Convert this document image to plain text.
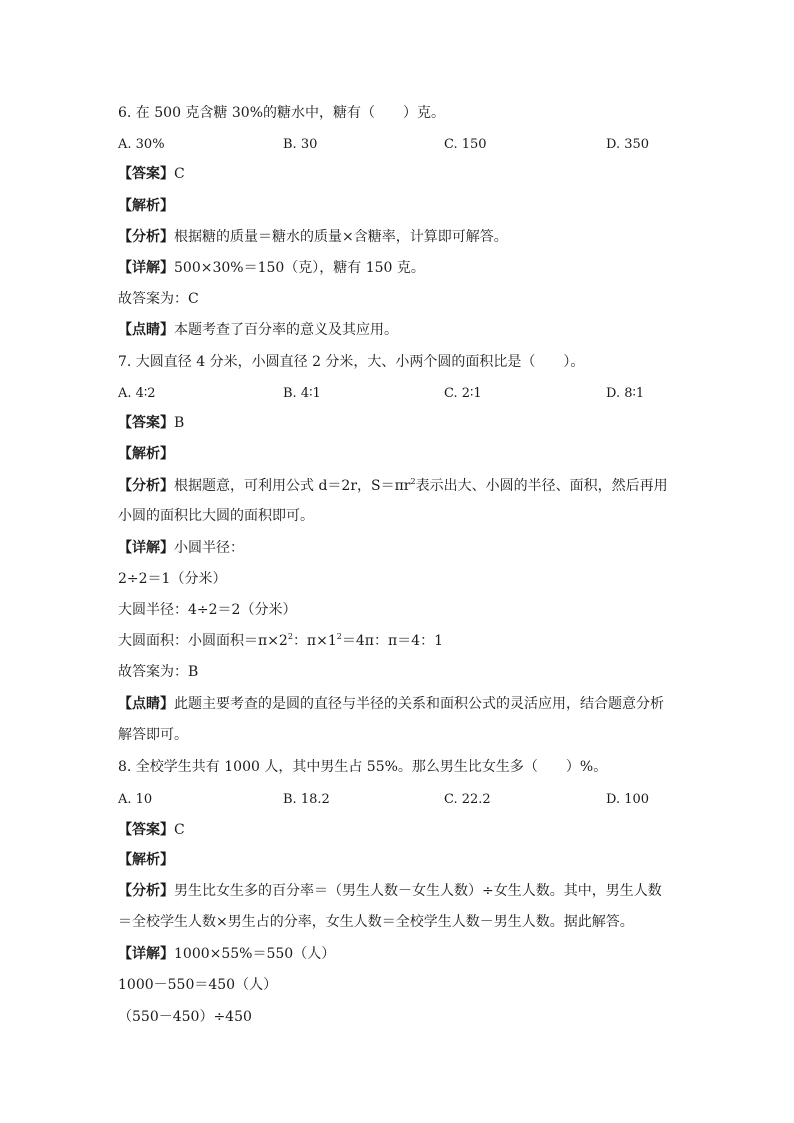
6. 在 500 克含糖 30%的糖水中，糖有（　　）克。
A. 30%	B. 30	C. 150	D. 350
【答案】C
【解析】
【分析】根据糖的质量＝糖水的质量×含糖率，计算即可解答。
【详解】500×30%＝150（克），糖有 150 克。
故答案为：C
【点睛】本题考查了百分率的意义及其应用。
7. 大圆直径 4 分米，小圆直径 2 分米，大、小两个圆的面积比是（　　）。
A. 4∶2	B. 4∶1	C. 2∶1	D. 8∶1
【答案】B
【解析】
【分析】根据题意，可利用公式 d＝2r，$S=\pi r^2$表示出大、小圆的半径、面积，然后再用
小圆的面积比大圆的面积即可。
【详解】小圆半径：
2÷2＝1（分米）
大圆半径：4÷2＝2（分米）
大圆面积：小圆面积$=\pi\times 2^2$：$\pi\times 1^2=4\pi$：π＝4：1
故答案为：B
【点睛】此题主要考查的是圆的直径与半径的关系和面积公式的灵活应用，结合题意分析
解答即可。
8. 全校学生共有 1000 人，其中男生占 55%。那么男生比女生多（　　）%。
A. 10	B. 18.2	C. 22.2	D. 100
【答案】C
【解析】
【分析】男生比女生多的百分率＝（男生人数－女生人数）÷女生人数。其中，男生人数
＝全校学生人数×男生占的分率，女生人数＝全校学生人数－男生人数。据此解答。
【详解】1000×55%＝550（人）
1000－550＝450（人）
（550－450）÷450
